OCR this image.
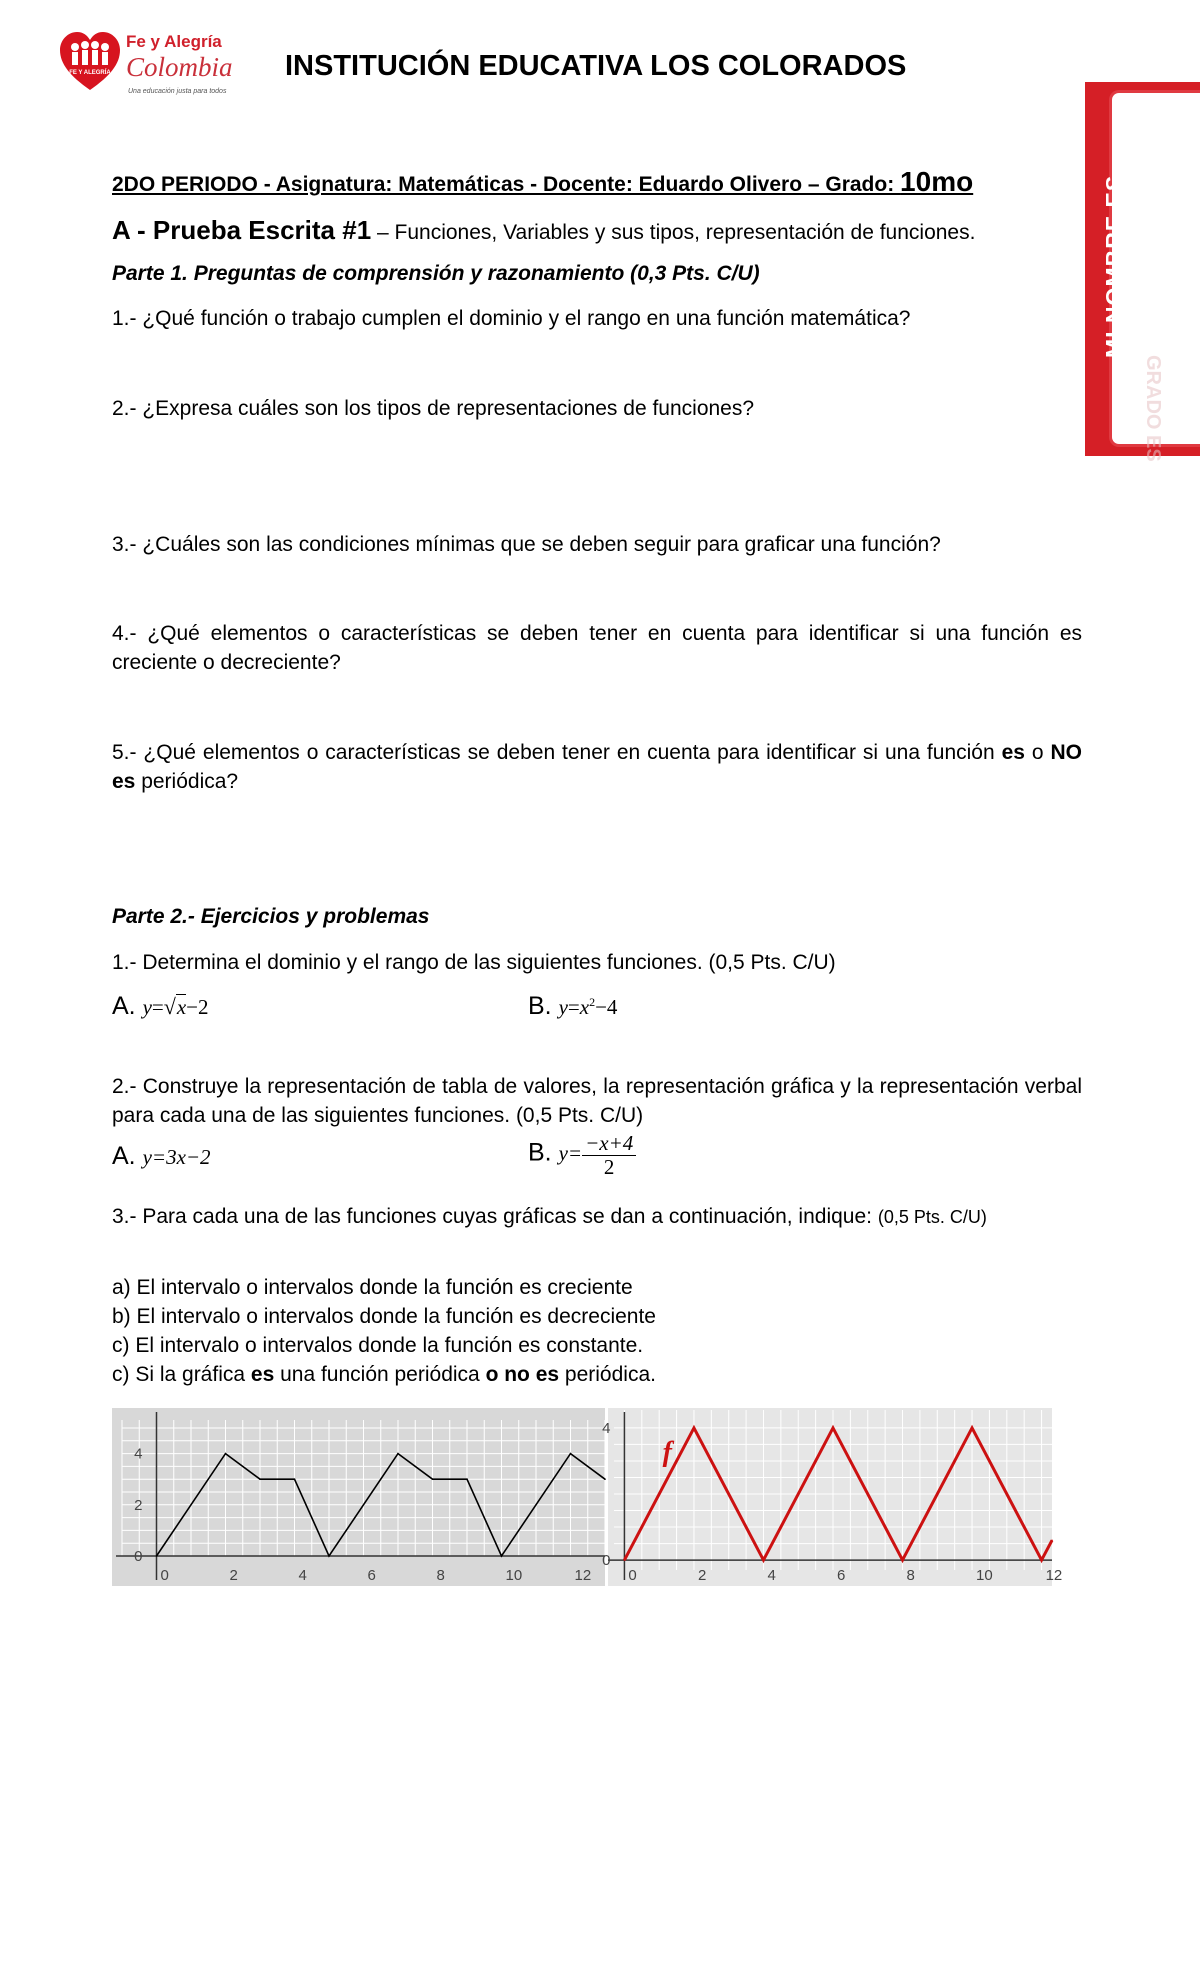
FE Y ALEGRÍA
Fe y Alegría
Colombia
Una educación justa para todos
INSTITUCIÓN EDUCATIVA LOS COLORADOS
GRADO ES
MI NOMBRE ES
2DO PERIODO - Asignatura: Matemáticas - Docente: Eduardo Olivero – Grado: 10mo
A - Prueba Escrita #1 – Funciones, Variables y sus tipos, representación de funciones.
Parte 1. Preguntas de comprensión y razonamiento (0,3 Pts. C/U)
1.- ¿Qué función o trabajo cumplen el dominio y el rango en una función matemática?
2.- ¿Expresa cuáles son los tipos de representaciones de funciones?
3.- ¿Cuáles son las condiciones mínimas que se deben seguir para graficar una función?
4.- ¿Qué elementos o características se deben tener en cuenta para identificar si una función es creciente o decreciente?
5.- ¿Qué elementos o características se deben tener en cuenta para identificar si una función es o NO es periódica?
Parte 2.- Ejercicios y problemas
1.- Determina el dominio y el rango de las siguientes funciones. (0,5 Pts. C/U)
A. y=√x−2	B. $y=x^2-4$
2.- Construye la representación de tabla de valores, la representación gráfica y la representación verbal para cada una de las siguientes funciones. (0,5 Pts. C/U)
A. y=3x−2	B. $y= \frac{-x+4}{2}$
3.- Para cada una de las funciones cuyas gráficas se dan a continuación, indique: (0,5 Pts. C/U)
a) El intervalo o intervalos donde la función es creciente
b) El intervalo o intervalos donde la función es decreciente
c) El intervalo o intervalos donde la función es constante.
c) Si la gráfica es una función periódica o no es periódica.
0	2	4	6	8	10	12
0
2
4
0	2	4	6	8	10	12
0
4
f
